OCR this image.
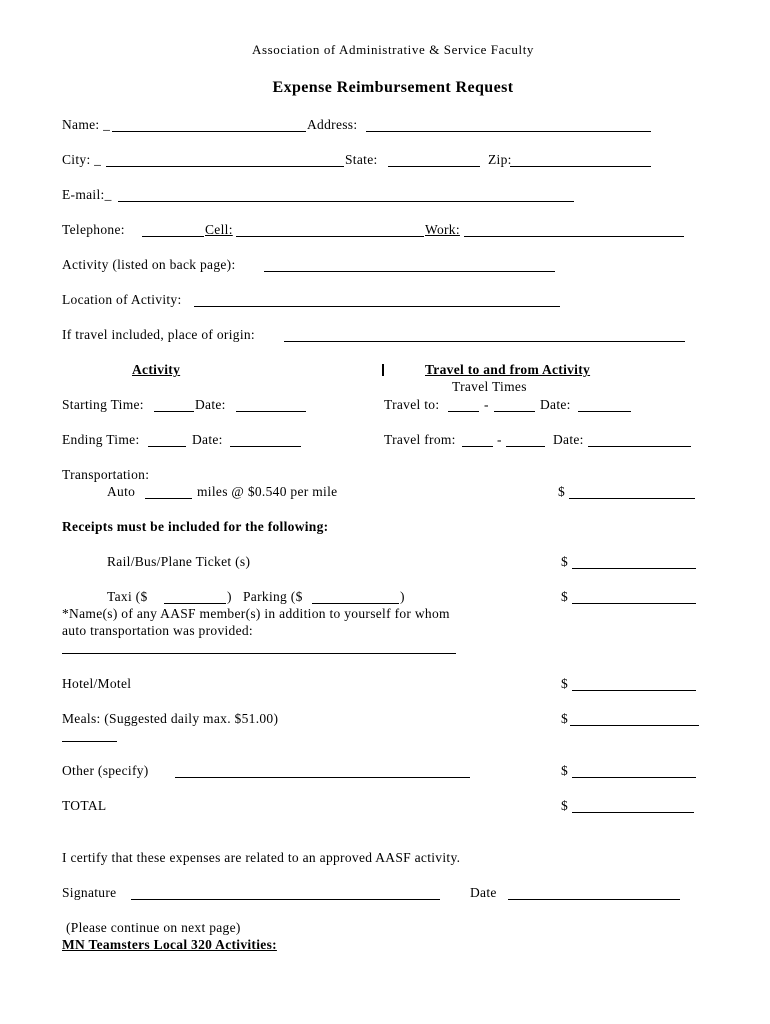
Association of Administrative & Service Faculty
Expense Reimbursement Request
Name: _	Address:
City: _	State:	Zip:
E-mail:_
Telephone:	Cell:	Work:
Activity (listed on back page):
Location of Activity:
If travel included, place of origin:
Activity	Travel to and from Activity
Travel Times
Starting Time:	Date:	Travel to:	-	Date:
Ending Time:	Date:	Travel from:	-	Date:
Transportation:
Auto	miles @ $0.540 per mile	$
Receipts must be included for the following:
Rail/Bus/Plane Ticket (s)	$
Taxi ($	) Parking ($	)	$
*Name(s) of any AASF member(s) in addition to yourself for whom
auto transportation was provided:
Hotel/Motel	$
Meals: (Suggested daily max. $51.00)	$
Other (specify)	$
TOTAL	$
I certify that these expenses are related to an approved AASF activity.
Signature	Date
(Please continue on next page)
MN Teamsters Local 320 Activities:
